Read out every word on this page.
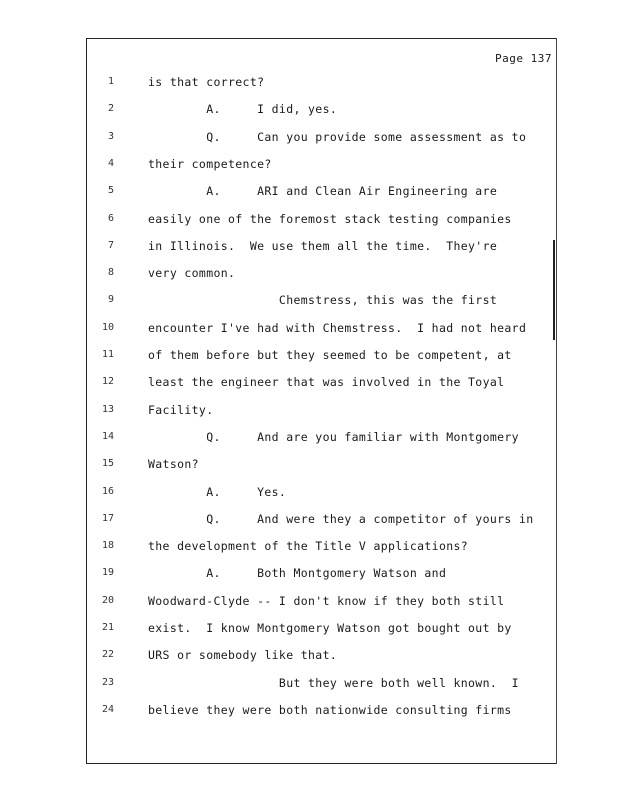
Page 137
1	is that correct?
2	A.     I did, yes.
3	Q.     Can you provide some assessment as to
4	their competence?
5	A.     ARI and Clean Air Engineering are
6	easily one of the foremost stack testing companies
7	in Illinois.  We use them all the time.  They're
8	very common.
9	Chemstress, this was the first
10	encounter I've had with Chemstress.  I had not heard
11	of them before but they seemed to be competent, at
12	least the engineer that was involved in the Toyal
13	Facility.
14	Q.     And are you familiar with Montgomery
15	Watson?
16	A.     Yes.
17	Q.     And were they a competitor of yours in
18	the development of the Title V applications?
19	A.     Both Montgomery Watson and
20	Woodward-Clyde -- I don't know if they both still
21	exist.  I know Montgomery Watson got bought out by
22	URS or somebody like that.
23	But they were both well known.  I
24	believe they were both nationwide consulting firms
